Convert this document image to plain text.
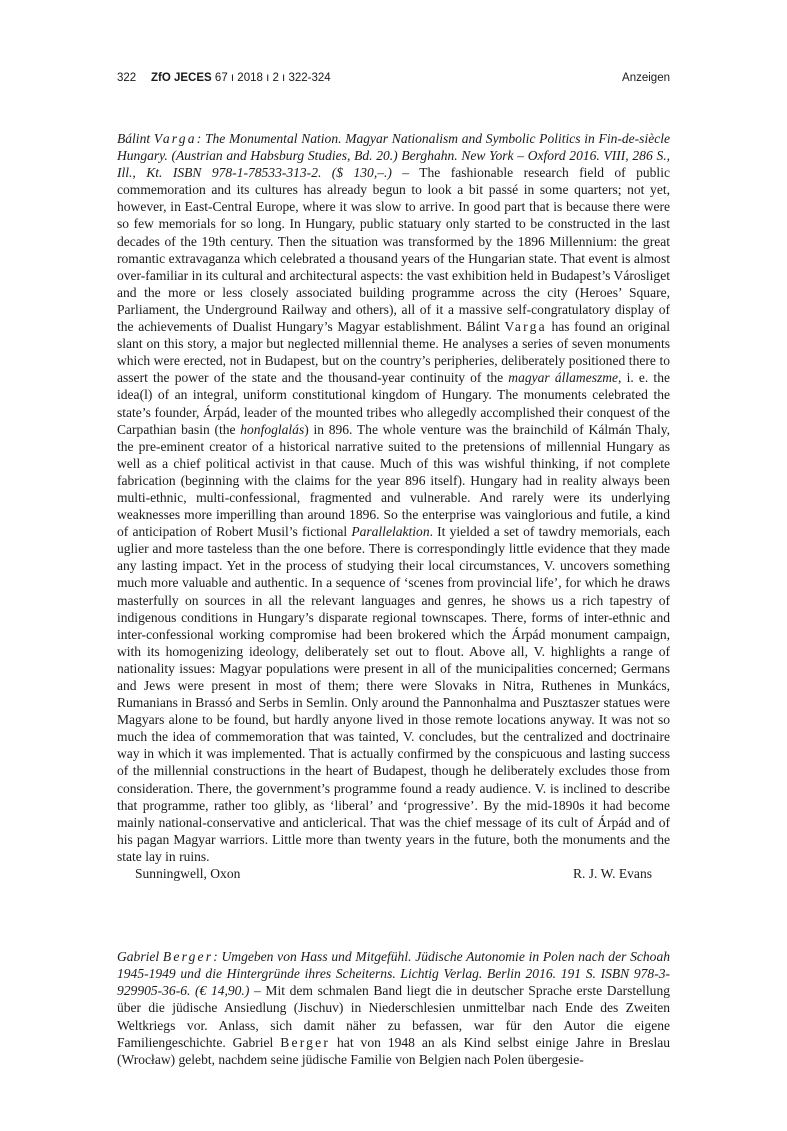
322 ZfO JECES 67 ı 2018 ı 2 ı 322-324	Anzeigen

Bálint Varga: The Monumental Nation. Magyar Nationalism and Symbolic Politics in Fin-de-siècle Hungary. (Austrian and Habsburg Studies, Bd. 20.) Berghahn. New York – Oxford 2016. VIII, 286 S., Ill., Kt. ISBN 978-1-78533-313-2. ($ 130,–.) – The fashionable research field of public commemoration and its cultures has already begun to look a bit passé in some quarters; not yet, however, in East-Central Europe, where it was slow to arrive. In good part that is because there were so few memorials for so long. In Hungary, public statuary only started to be constructed in the last decades of the 19th century. Then the situation was transformed by the 1896 Millennium: the great romantic extravaganza which celebrated a thousand years of the Hungarian state. That event is almost over-familiar in its cultural and architectural aspects: the vast exhibition held in Budapest’s Városliget and the more or less closely associated building programme across the city (Heroes’ Square, Parliament, the Underground Railway and others), all of it a massive self-congratulatory display of the achievements of Dualist Hungary’s Magyar establishment. Bálint Varga has found an original slant on this story, a major but neglected millennial theme. He analyses a series of seven monuments which were erected, not in Budapest, but on the country’s peripheries, deliberately positioned there to assert the power of the state and the thousand-year continuity of the magyar állameszme, i. e. the idea(l) of an integral, uniform constitutional kingdom of Hungary. The monuments celebrated the state’s founder, Árpád, leader of the mounted tribes who allegedly accomplished their conquest of the Carpathian basin (the honfoglalás) in 896. The whole venture was the brainchild of Kálmán Thaly, the pre-eminent creator of a historical narrative suited to the pretensions of millennial Hungary as well as a chief political activist in that cause. Much of this was wishful thinking, if not complete fabrication (beginning with the claims for the year 896 itself). Hungary had in reality always been multi-ethnic, multi-confessional, fragmented and vulnerable. And rarely were its underlying weaknesses more imperilling than around 1896. So the enterprise was vainglorious and futile, a kind of anticipation of Robert Musil’s fictional Parallelaktion. It yielded a set of tawdry memorials, each uglier and more tasteless than the one before. There is correspondingly little evidence that they made any lasting impact. Yet in the process of studying their local circumstances, V. uncovers something much more valuable and authentic. In a sequence of ‘scenes from provincial life’, for which he draws masterfully on sources in all the relevant languages and genres, he shows us a rich tapestry of indigenous conditions in Hungary’s disparate regional townscapes. There, forms of inter-ethnic and inter-confessional working compromise had been brokered which the Árpád monument campaign, with its homogenizing ideology, deliberately set out to flout. Above all, V. highlights a range of nationality issues: Magyar populations were present in all of the municipalities concerned; Germans and Jews were present in most of them; there were Slovaks in Nitra, Ruthenes in Munkács, Rumanians in Brassó and Serbs in Semlin. Only around the Pannonhalma and Pusztaszer statues were Magyars alone to be found, but hardly anyone lived in those remote locations anyway. It was not so much the idea of commemoration that was tainted, V. concludes, but the centralized and doctrinaire way in which it was implemented. That is actually confirmed by the conspicuous and lasting success of the millennial constructions in the heart of Budapest, though he deliberately excludes those from consideration. There, the government’s programme found a ready audience. V. is inclined to describe that programme, rather too glibly, as ‘liberal’ and ‘progressive’. By the mid-1890s it had become mainly national-conservative and anticlerical. That was the chief message of its cult of Árpád and of his pagan Magyar warriors. Little more than twenty years in the future, both the monuments and the state lay in ruins.

Sunningwell, Oxon	R. J. W. Evans

Gabriel Berger: Umgeben von Hass und Mitgefühl. Jüdische Autonomie in Polen nach der Schoah 1945-1949 und die Hintergründe ihres Scheiterns. Lichtig Verlag. Berlin 2016. 191 S. ISBN 978-3-929905-36-6. (€ 14,90.) – Mit dem schmalen Band liegt die in deutscher Sprache erste Darstellung über die jüdische Ansiedlung (Jischuv) in Niederschlesien unmittelbar nach Ende des Zweiten Weltkriegs vor. Anlass, sich damit näher zu befassen, war für den Autor die eigene Familiengeschichte. Gabriel Berger hat von 1948 an als Kind selbst einige Jahre in Breslau (Wrocław) gelebt, nachdem seine jüdische Familie von Belgien nach Polen übergesie-
